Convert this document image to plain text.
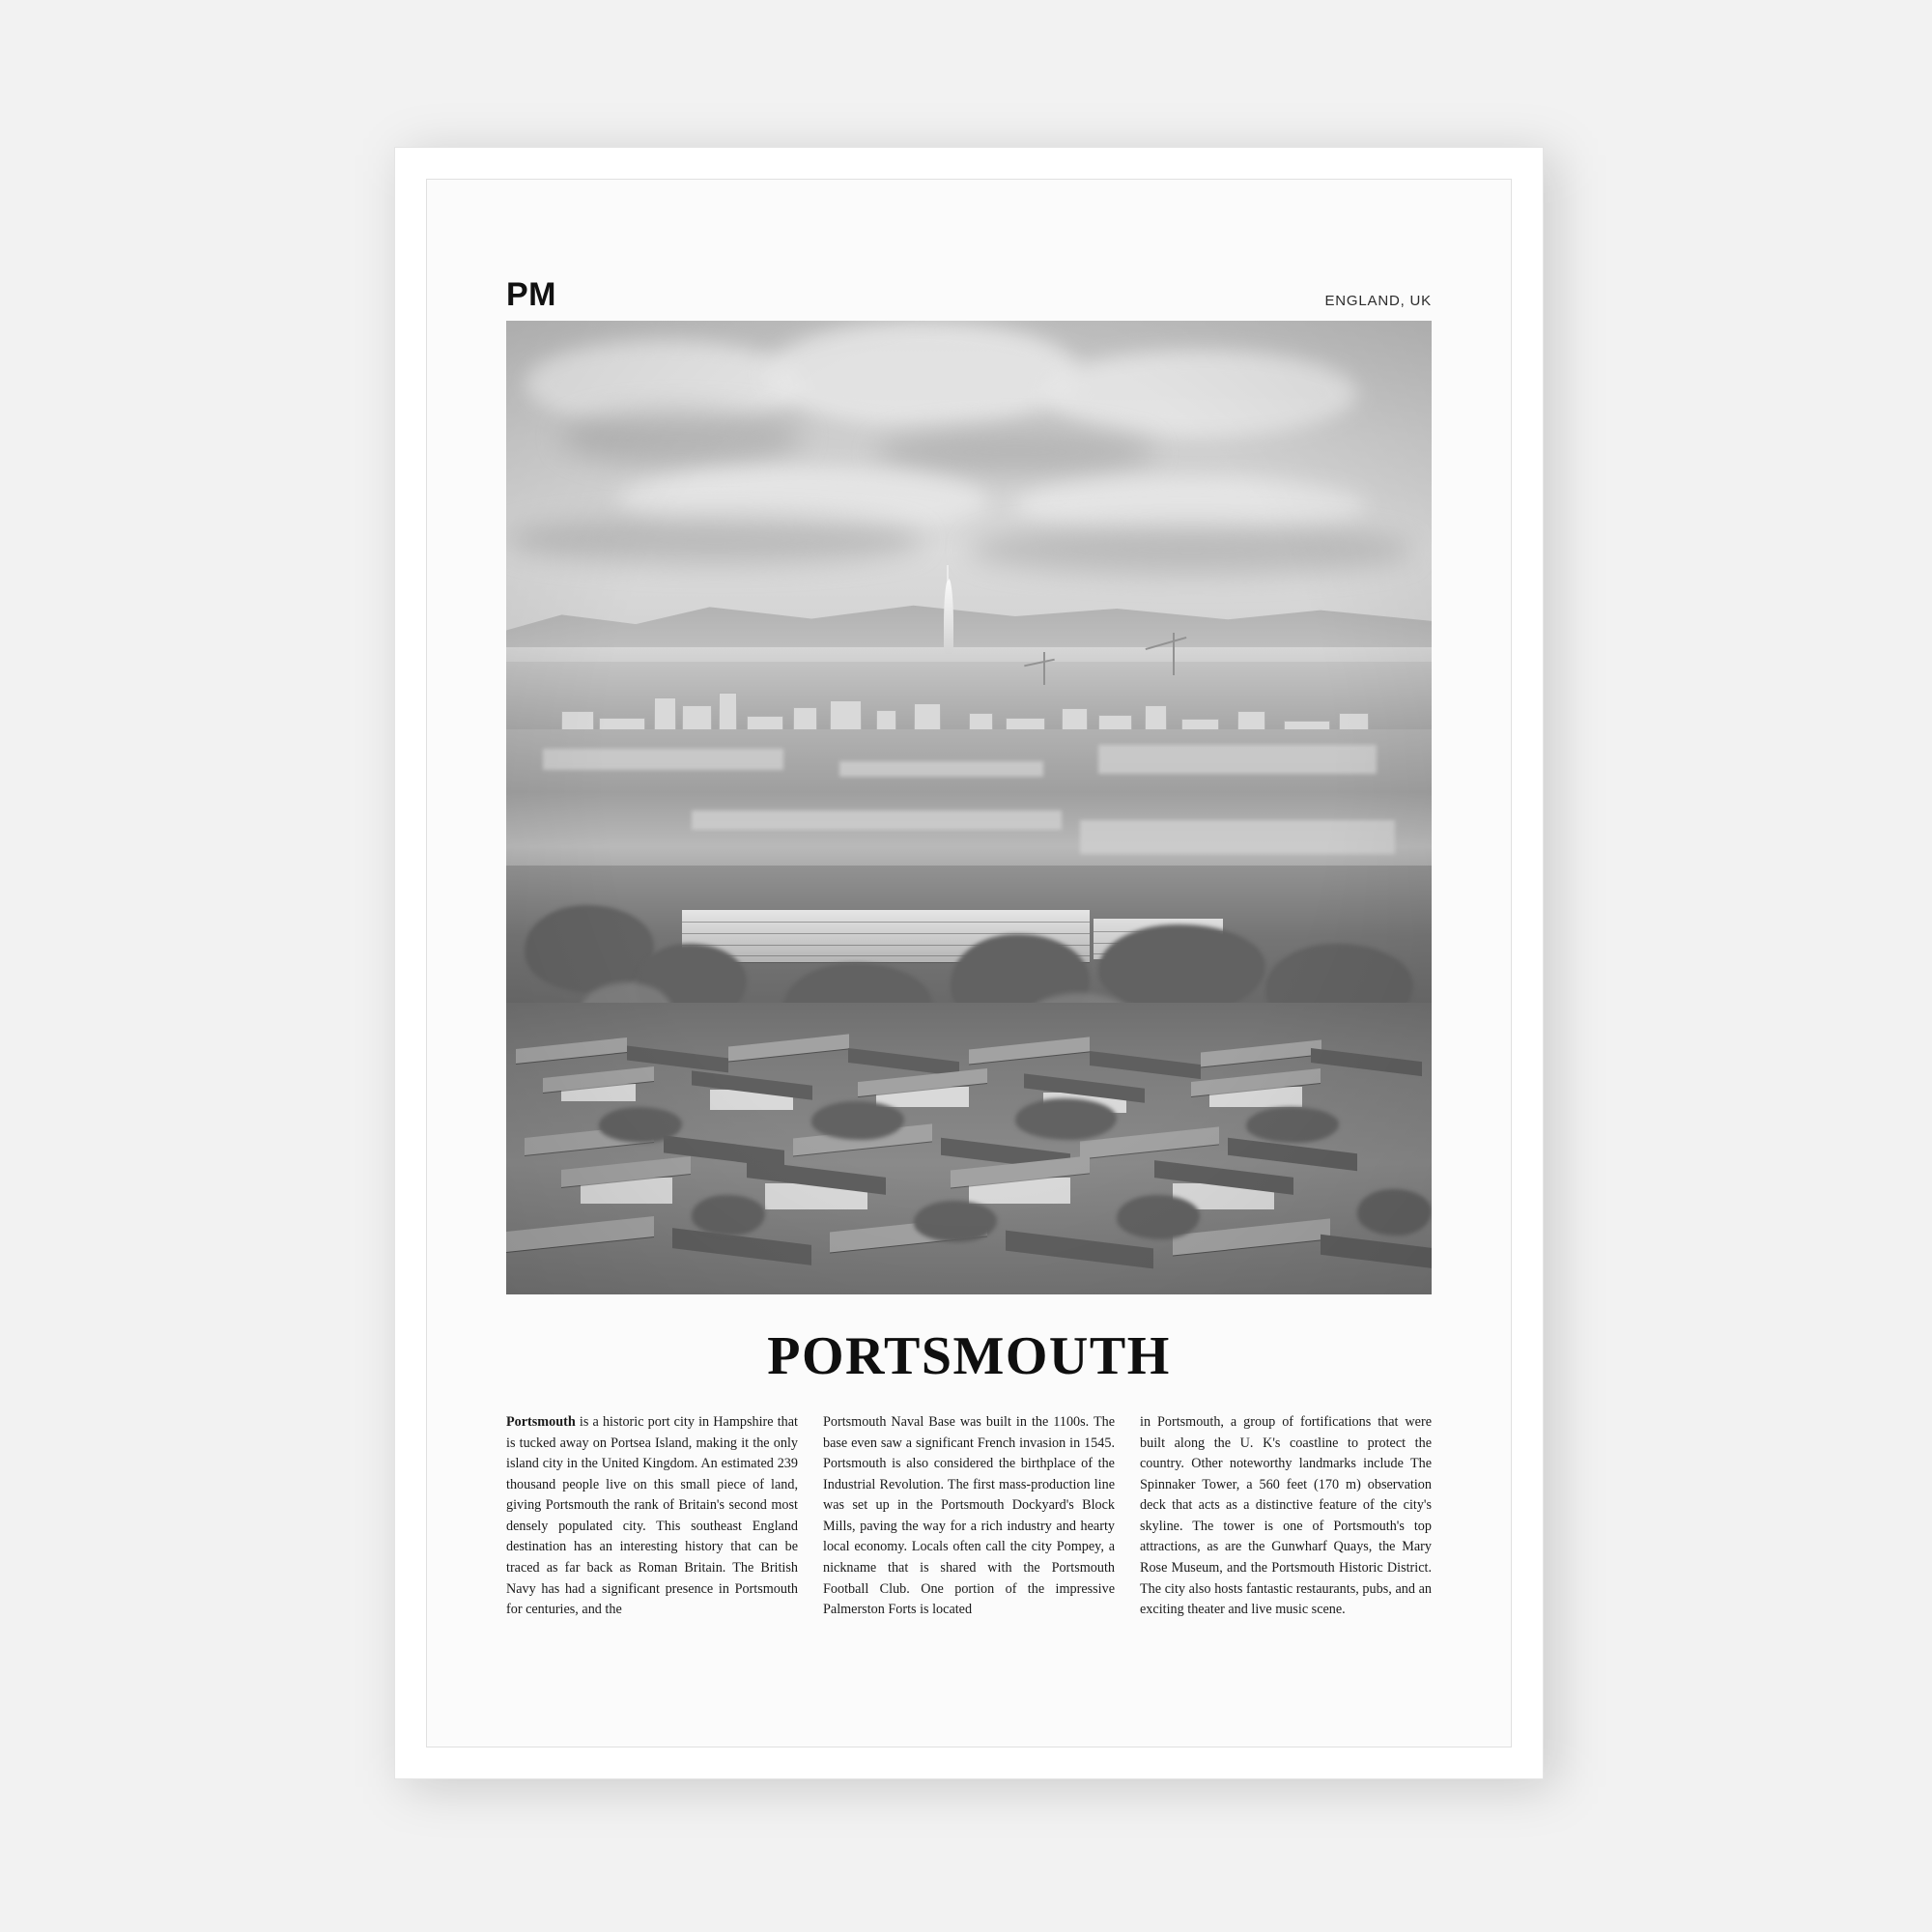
PM	ENGLAND, UK
PORTSMOUTH
Portsmouth is a historic port city in Hampshire that is tucked away on Portsea Island, making it the only island city in the United Kingdom. An estimated 239 thousand people live on this small piece of land, giving Portsmouth the rank of Britain's second most densely populated city. This southeast England destination has an interesting history that can be traced as far back as Roman Britain. The British Navy has had a significant presence in Portsmouth for centuries, and the
Portsmouth Naval Base was built in the 1100s. The base even saw a significant French invasion in 1545. Portsmouth is also considered the birthplace of the Industrial Revolution. The first mass-production line was set up in the Portsmouth Dockyard's Block Mills, paving the way for a rich industry and hearty local economy. Locals often call the city Pompey, a nickname that is shared with the Portsmouth Football Club. One portion of the impressive Palmerston Forts is located
in Portsmouth, a group of fortifications that were built along the U. K's coastline to protect the country. Other noteworthy landmarks include The Spinnaker Tower, a 560 feet (170 m) observation deck that acts as a distinctive feature of the city's skyline. The tower is one of Portsmouth's top attractions, as are the Gunwharf Quays, the Mary Rose Museum, and the Portsmouth Historic District. The city also hosts fantastic restaurants, pubs, and an exciting theater and live music scene.
